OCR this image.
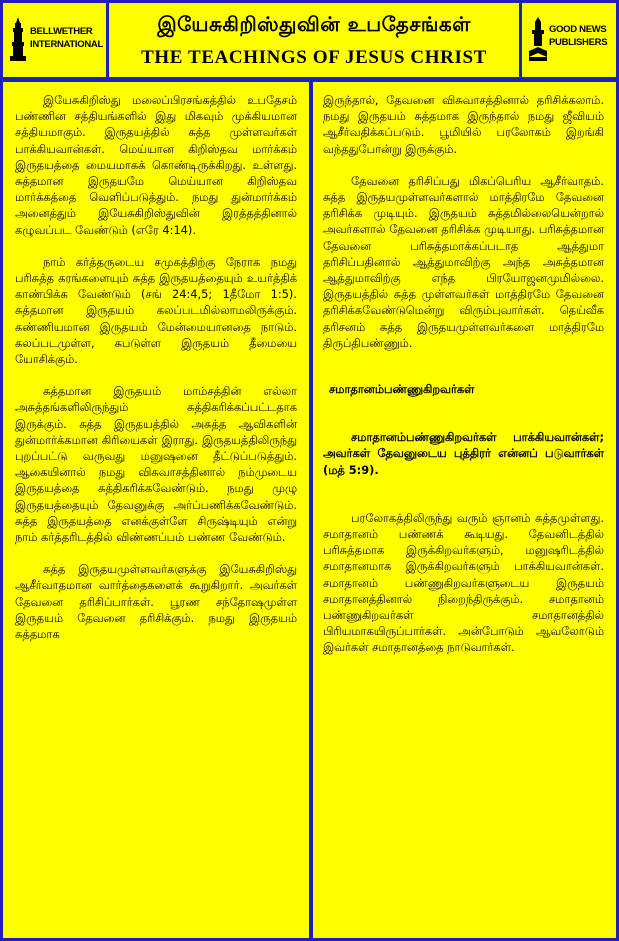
BELLWETHER INTERNATIONAL
இயேசுகிறிஸ்துவின் உபதேசங்கள்
THE TEACHINGS OF JESUS CHRIST
GOOD NEWS PUBLISHERS

இயேசுகிறிஸ்து மலைப்பிரசங்கத்தில் உபதேசம் பண்ணின சத்தியங்களில் இது மிகவும் முக்கியமான சத்தியமாகும். இருதயத்தில் சுத்த முள்ளவர்கள் பாக்கியவான்கள். மெய்யான கிறிஸ்தவ மார்க்கம் இருதயத்தை மையமாகக் கொண்டிருக்கிறது. உள்ளது. சுத்தமான இருதயமே மெய்யான கிறிஸ்தவ மார்க்கத்தை வெளிப்படுத்தும். நமது துன்மார்க்கம் அனைத்தும் இயேசுகிறிஸ்துவின் இரத்தத்தினால் கழுவப்பட வேண்டும் (எரே 4:14).

நாம் கர்த்தருடைய சமுகத்திற்கு நேராக நமது பரிசுத்த கரங்களையும் சுத்த இருதயத்தையும் உயர்த்திக் காண்பிக்க வேண்டும் (சங் 24:4,5; 1தீமோ 1:5). சுத்தமான இருதயம் கலப்படமில்லாமலிருக்கும். கண்ணியமான இருதயம் மேன்மையானதை நாடும். கலப்படமுள்ள, கபடுள்ள இருதயம் தீமையை யோசிக்கும்.

சுத்தமான இருதயம் மாம்சத்தின் எல்லா அசுத்தங்களிலிருந்தும் சுத்திகரிக்கப்பட்டதாக இருக்கும். சுத்த இருதயத்தில் அசுத்த ஆவிகளின் துன்மார்க்கமான கிரியைகள் இராது. இருதயத்திலிருந்து புறப்பட்டு வருவது மனுஷனை தீட்டுப்படுத்தும். ஆகையினால் நமது விசுவாசத்தினால் நம்முடைய இருதயத்தை சுத்திகரிக்கவேண்டும். நமது முழு இருதயத்தையும் தேவனுக்கு அர்ப்பணிக்கவேண்டும். சுத்த இருதயத்தை எனக்குள்ளே சிருஷ்டியும் என்று நாம் கர்த்தரிடத்தில் விண்ணப்பம் பண்ண வேண்டும்.

சுத்த இருதயமுள்ளவர்களுக்கு இயேசுகிறிஸ்து ஆசீர்வாதமான வார்த்தைகளைக் கூறுகிறார். அவர்கள் தேவனை தரிசிப்பார்கள். பூரண சந்தோஷமுள்ள இருதயம் தேவனை தரிசிக்கும். நமது இருதயம் சுத்தமாக

இருந்தால், தேவனை விசுவாசத்தினால் தரிசிக்கலாம். நமது இருதயம் சுத்தமாக இருந்தால் நமது ஜீவியம் ஆசீர்வதிக்கப்படும். பூமியில் பரலோகம் இறங்கி வந்ததுபோன்று இருக்கும்.

தேவனை தரிசிப்பது மிகப்பெரிய ஆசீர்வாதம். சுத்த இருதயமுள்ளவர்களால் மாத்திரமே தேவனை தரிசிக்க முடியும். இருதயம் சுத்தமில்லையென்றால் அவர்களால் தேவனை தரிசிக்க முடியாது. பரிசுத்தமான தேவனை பரிசுத்தமாக்கப்படாத ஆத்துமா தரிசிப்பதினால் ஆத்துமாவிற்கு அந்த அசுத்தமான ஆத்துமாவிற்கு எந்த பிரயோஜனமுமில்லை. இருதயத்தில் சுத்த முள்ளவர்கள் மாத்திரமே தேவனை தரிசிக்கவேண்டுமென்று விரும்புவார்கள். தெய்வீக தரிசனம் சுத்த இருதயமுள்ளவர்களை மாத்திரமே திருப்திபண்ணும்.

சமாதானம்பண்ணுகிறவர்கள்

சமாதானம்பண்ணுகிறவர்கள் பாக்கியவான்கள்; அவர்கள் தேவனுடைய புத்திரர் என்னப் படுவார்கள் (மத் 5:9).

பரலோகத்திலிருந்து வரும் ஞானம் சுத்தமுள்ளது. சமாதானம் பண்ணக் கூடியது. தேவனிடத்தில் பரிசுத்தமாக இருக்கிறவர்களும், மனுஷரிடத்தில் சமாதானமாக இருக்கிறவர்களும் பாக்கியவான்கள். சமாதானம் பண்ணுகிறவர்களுடைய இருதயம் சமாதானத்தினால் நிறைந்திருக்கும். சமாதானம் பண்ணுகிறவர்கள் சமாதானத்தில் பிரியமாகயிருப்பார்கள். அன்போடும் ஆவலோடும் இவர்கள் சமாதானத்தை நாடுவார்கள்.
